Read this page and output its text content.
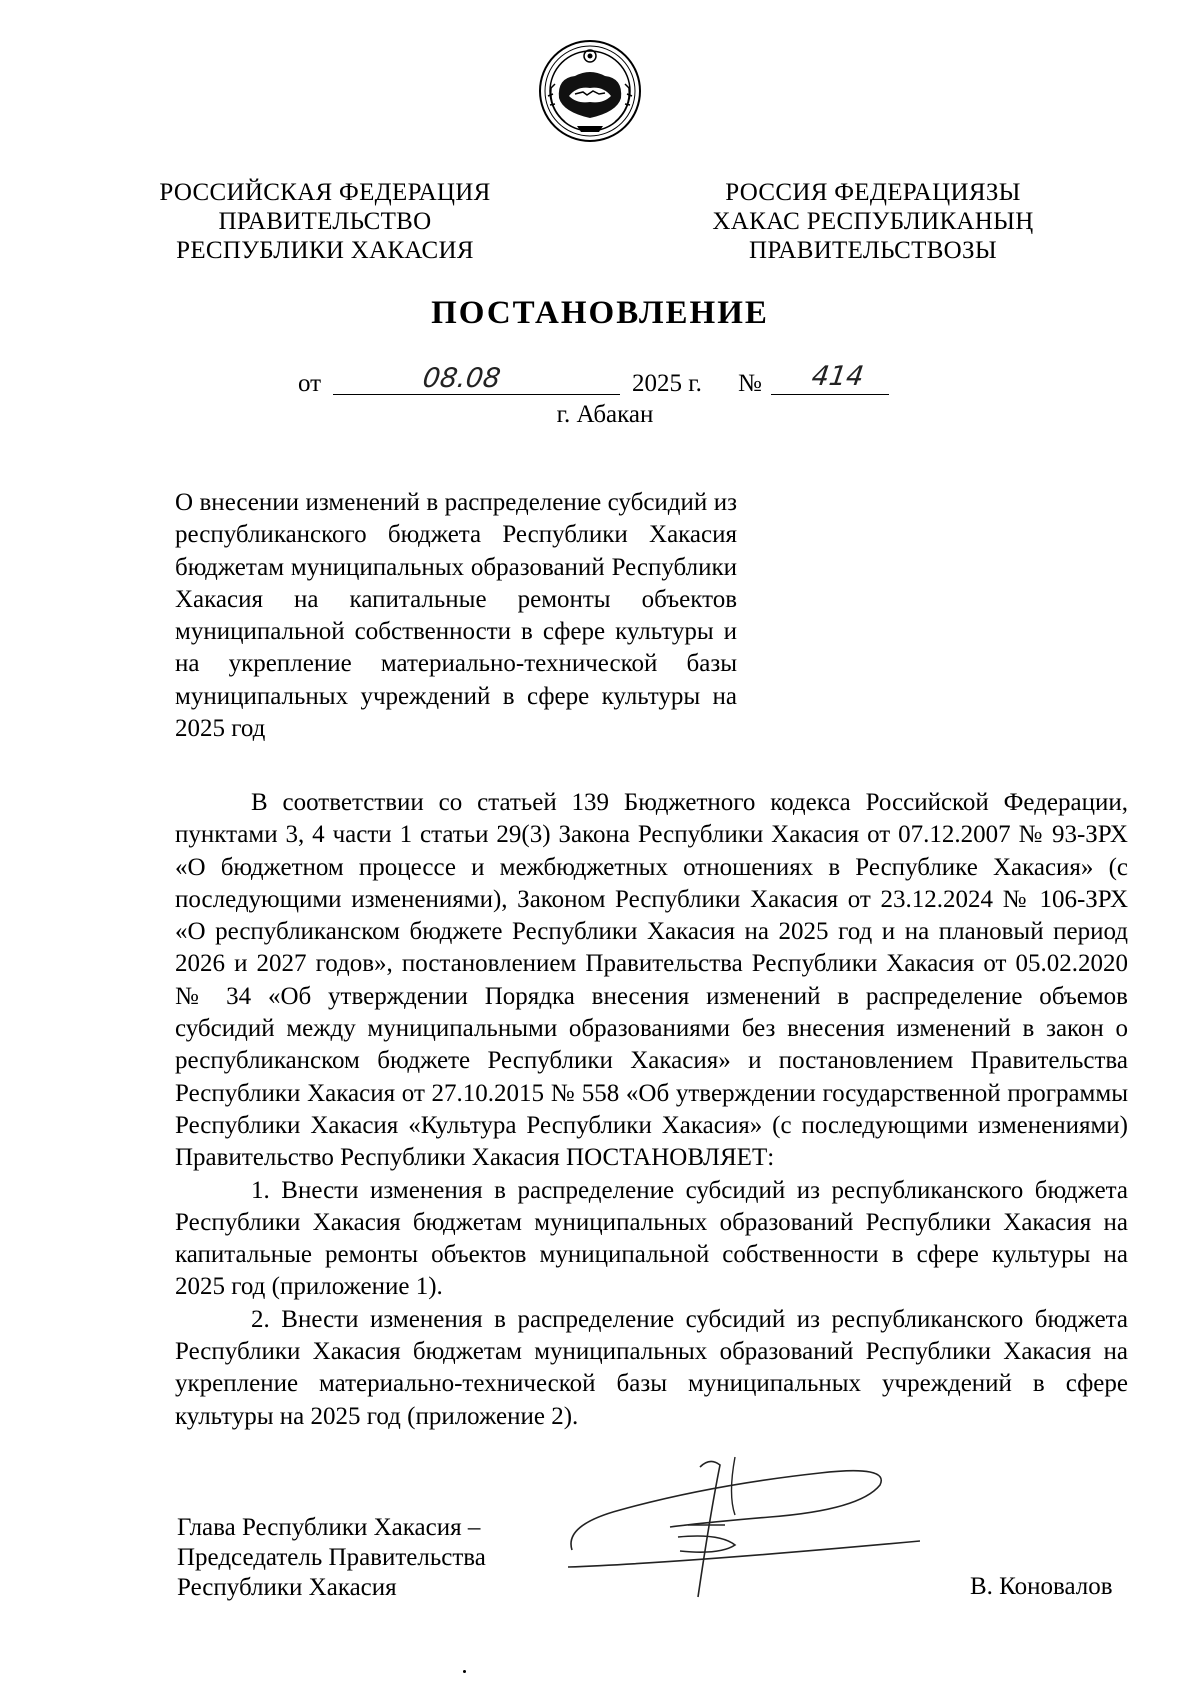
РОССИЙСКАЯ ФЕДЕРАЦИЯ
ПРАВИТЕЛЬСТВО
РЕСПУБЛИКИ ХАКАСИЯ
РОССИЯ ФЕДЕРАЦИЯЗЫ
ХАКАС РЕСПУБЛИКАНЫҢ
ПРАВИТЕЛЬСТВОЗЫ
ПОСТАНОВЛЕНИЕ
от	08.08	2025 г. № 414
г. Абакан

О внесении изменений в распределение субсидий из республиканского бюджета Республики Хакасия бюджетам муниципальных образований Республики Хакасия на капитальные ремонты объектов муниципальной собственности в сфере культуры и на укрепление материально-технической базы муниципальных учреждений в сфере культуры на 2025 год

В соответствии со статьей 139 Бюджетного кодекса Российской Федерации, пунктами 3, 4 части 1 статьи 29(3) Закона Республики Хакасия от 07.12.2007 № 93-ЗРХ «О бюджетном процессе и межбюджетных отношениях в Республике Хакасия» (с последующими изменениями), Законом Республики Хакасия от 23.12.2024 № 106-ЗРХ «О республиканском бюджете Республики Хакасия на 2025 год и на плановый период 2026 и 2027 годов», постановлением Правительства Республики Хакасия от 05.02.2020 № 34 «Об утверждении Порядка внесения изменений в распределение объемов субсидий между муниципальными образованиями без внесения изменений в закон о республиканском бюджете Республики Хакасия» и постановлением Правительства Республики Хакасия от 27.10.2015 № 558 «Об утверждении государственной программы Республики Хакасия «Культура Республики Хакасия» (с последующими изменениями) Правительство Республики Хакасия ПОСТАНОВЛЯЕТ:

1. Внести изменения в распределение субсидий из республиканского бюджета Республики Хакасия бюджетам муниципальных образований Республики Хакасия на капитальные ремонты объектов муниципальной собственности в сфере культуры на 2025 год (приложение 1).

2. Внести изменения в распределение субсидий из республиканского бюджета Республики Хакасия бюджетам муниципальных образований Республики Хакасия на укрепление материально-технической базы муниципальных учреждений в сфере культуры на 2025 год (приложение 2).

Глава Республики Хакасия –
Председатель Правительства
Республики Хакасия	В. Коновалов
